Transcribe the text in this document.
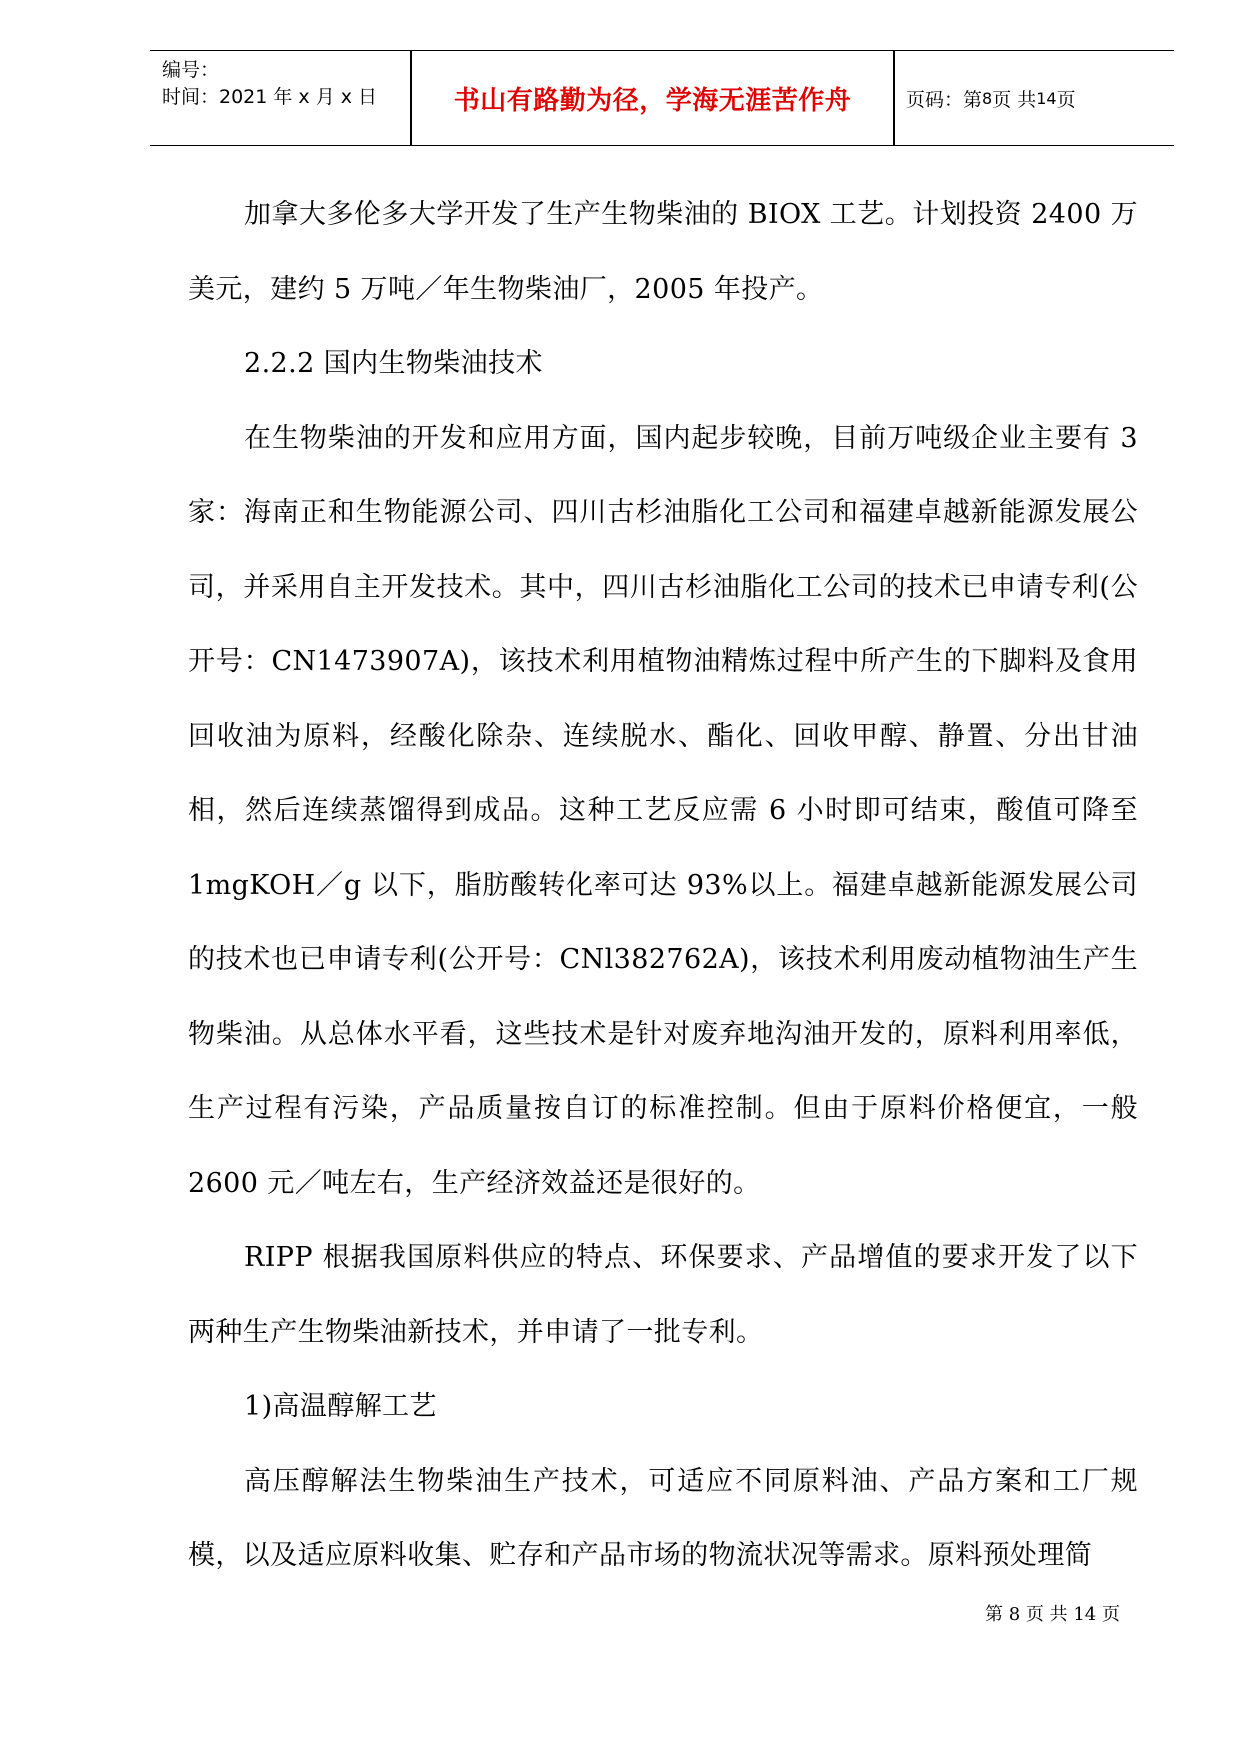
编号：
时间：2021 年 x 月 x 日	书山有路勤为径，学海无涯苦作舟	页码：第 8 页 共 14 页

加拿大多伦多大学开发了生产生物柴油的 BIOX 工艺。计划投资 2400 万美元，建约 5 万吨／年生物柴油厂，2005 年投产。

2.2.2 国内生物柴油技术

在生物柴油的开发和应用方面，国内起步较晚，目前万吨级企业主要有 3 家：海南正和生物能源公司、四川古杉油脂化工公司和福建卓越新能源发展公司，并采用自主开发技术。其中，四川古杉油脂化工公司的技术已申请专利(公开号：CN1473907A)，该技术利用植物油精炼过程中所产生的下脚料及食用回收油为原料，经酸化除杂、连续脱水、酯化、回收甲醇、静置、分出甘油相，然后连续蒸馏得到成品。这种工艺反应需 6 小时即可结束，酸值可降至 1mgKOH／g 以下，脂肪酸转化率可达 93%以上。福建卓越新能源发展公司的技术也已申请专利(公开号：CNl382762A)，该技术利用废动植物油生产生物柴油。从总体水平看，这些技术是针对废弃地沟油开发的，原料利用率低，生产过程有污染，产品质量按自订的标准控制。但由于原料价格便宜，一般 2600 元／吨左右，生产经济效益还是很好的。

RIPP 根据我国原料供应的特点、环保要求、产品增值的要求开发了以下两种生产生物柴油新技术，并申请了一批专利。

1)高温醇解工艺

高压醇解法生物柴油生产技术，可适应不同原料油、产品方案和工厂规模，以及适应原料收集、贮存和产品市场的物流状况等需求。原料预处理简

第 8 页 共 14 页
